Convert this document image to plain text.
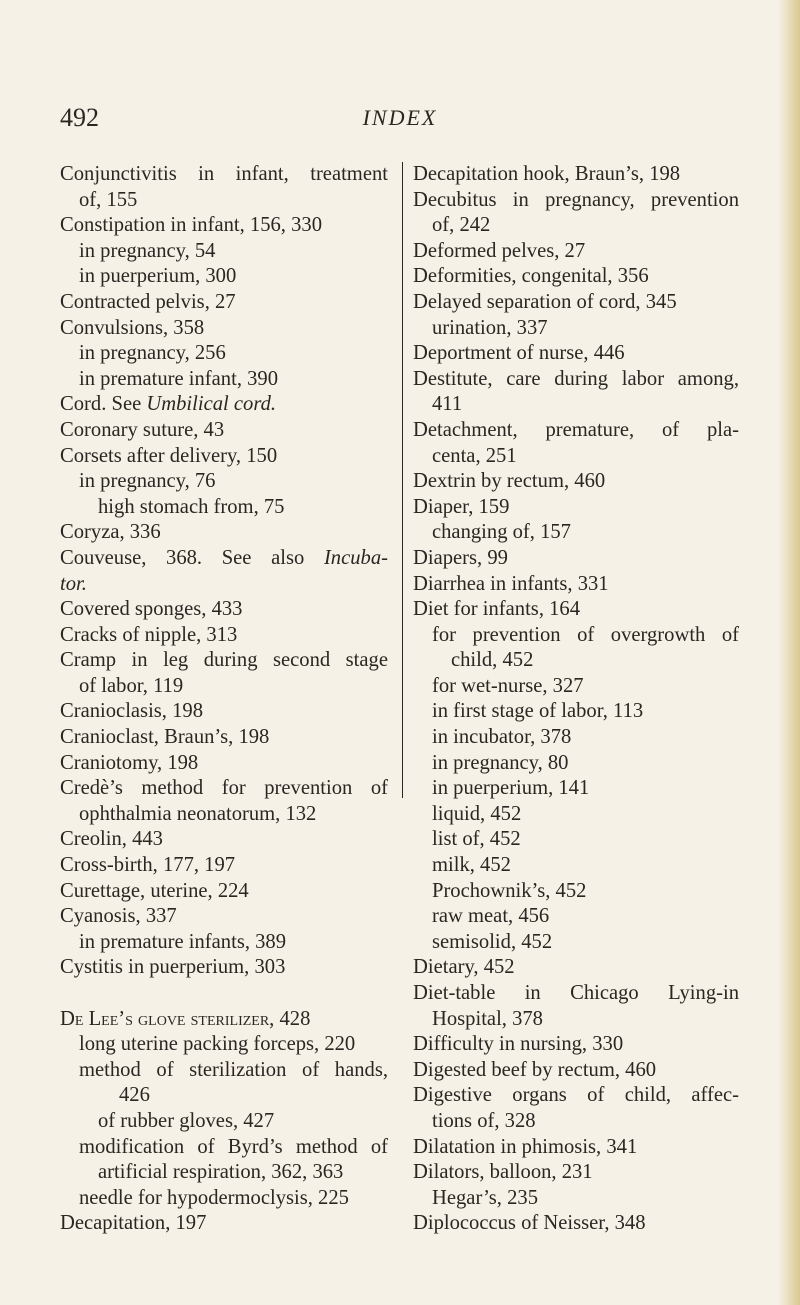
492	INDEX
Conjunctivitis in infant, treatment
of, 155
Constipation in infant, 156, 330
in pregnancy, 54
in puerperium, 300
Contracted pelvis, 27
Convulsions, 358
in pregnancy, 256
in premature infant, 390
Cord. See Umbilical cord.
Coronary suture, 43
Corsets after delivery, 150
in pregnancy, 76
high stomach from, 75
Coryza, 336
Couveuse, 368. See also Incuba-
tor.
Covered sponges, 433
Cracks of nipple, 313
Cramp in leg during second stage
of labor, 119
Cranioclasis, 198
Cranioclast, Braun’s, 198
Craniotomy, 198
Credè’s method for prevention of
ophthalmia neonatorum, 132
Creolin, 443
Cross-birth, 177, 197
Curettage, uterine, 224
Cyanosis, 337
in premature infants, 389
Cystitis in puerperium, 303
De Lee’s glove sterilizer, 428
long uterine packing forceps, 220
method of sterilization of hands,
426
of rubber gloves, 427
modification of Byrd’s method of
artificial respiration, 362, 363
needle for hypodermoclysis, 225
Decapitation, 197
Decapitation hook, Braun’s, 198
Decubitus in pregnancy, prevention
of, 242
Deformed pelves, 27
Deformities, congenital, 356
Delayed separation of cord, 345
urination, 337
Deportment of nurse, 446
Destitute, care during labor among,
411
Detachment, premature, of pla-
centa, 251
Dextrin by rectum, 460
Diaper, 159
changing of, 157
Diapers, 99
Diarrhea in infants, 331
Diet for infants, 164
for prevention of overgrowth of
child, 452
for wet-nurse, 327
in first stage of labor, 113
in incubator, 378
in pregnancy, 80
in puerperium, 141
liquid, 452
list of, 452
milk, 452
Prochownik’s, 452
raw meat, 456
semisolid, 452
Dietary, 452
Diet-table in Chicago Lying-in
Hospital, 378
Difficulty in nursing, 330
Digested beef by rectum, 460
Digestive organs of child, affec-
tions of, 328
Dilatation in phimosis, 341
Dilators, balloon, 231
Hegar’s, 235
Diplococcus of Neisser, 348
